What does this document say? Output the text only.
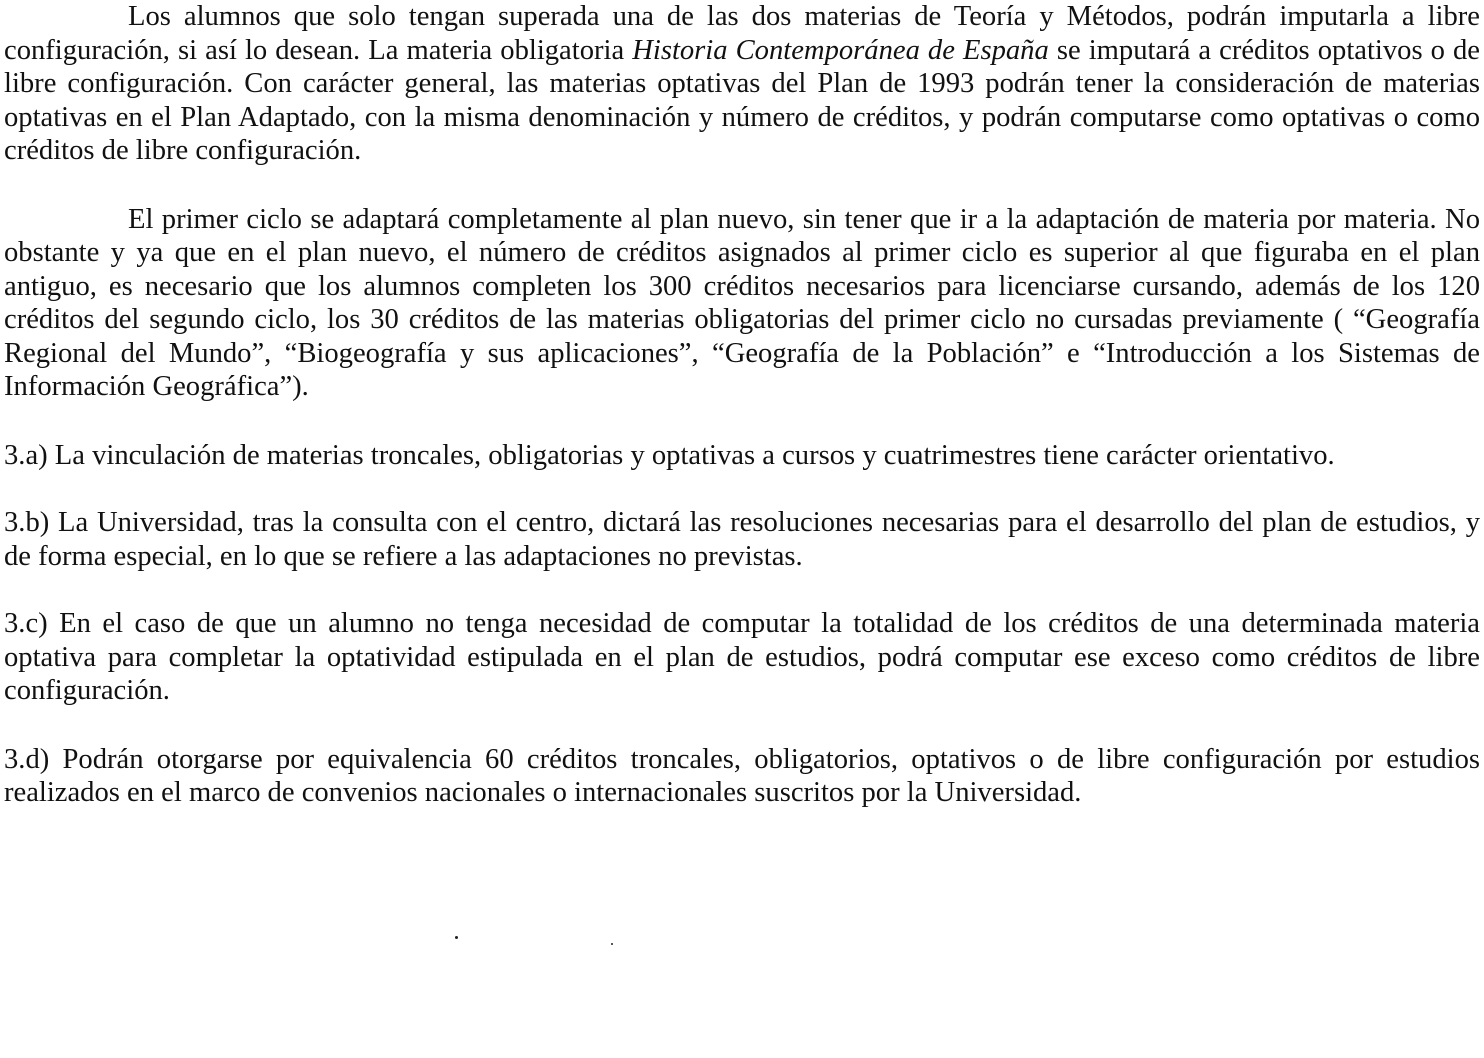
Los alumnos que solo tengan superada una de las dos materias de Teoría y Métodos, podrán imputarla a libre configuración, si así lo desean. La materia obligatoria Historia Contemporánea de España se imputará a créditos optativos o de libre configuración. Con carácter general, las materias optativas del Plan de 1993 podrán tener la consideración de materias optativas en el Plan Adaptado, con la misma denominación y número de créditos, y podrán computarse como optativas o como créditos de libre configuración.

El primer ciclo se adaptará completamente al plan nuevo, sin tener que ir a la adaptación de materia por materia. No obstante y ya que en el plan nuevo, el número de créditos asignados al primer ciclo es superior al que figuraba en el plan antiguo, es necesario que los alumnos completen los 300 créditos necesarios para licenciarse cursando, además de los 120 créditos del segundo ciclo, los 30 créditos de las materias obligatorias del primer ciclo no cursadas previamente ( “Geografía Regional del Mundo”, “Biogeografía y sus aplicaciones”, “Geografía de la Población” e “Introducción a los Sistemas de Información Geográfica”).

3.a) La vinculación de materias troncales, obligatorias y optativas a cursos y cuatrimestres tiene carácter orientativo.

3.b) La Universidad, tras la consulta con el centro, dictará las resoluciones necesarias para el desarrollo del plan de estudios, y de forma especial, en lo que se refiere a las adaptaciones no previstas.

3.c) En el caso de que un alumno no tenga necesidad de computar la totalidad de los créditos de una determinada materia optativa para completar la optatividad estipulada en el plan de estudios, podrá computar ese exceso como créditos de libre configuración.

3.d) Podrán otorgarse por equivalencia 60 créditos troncales, obligatorios, optativos o de libre configuración por estudios realizados en el marco de convenios nacionales o internacionales suscritos por la Universidad.
